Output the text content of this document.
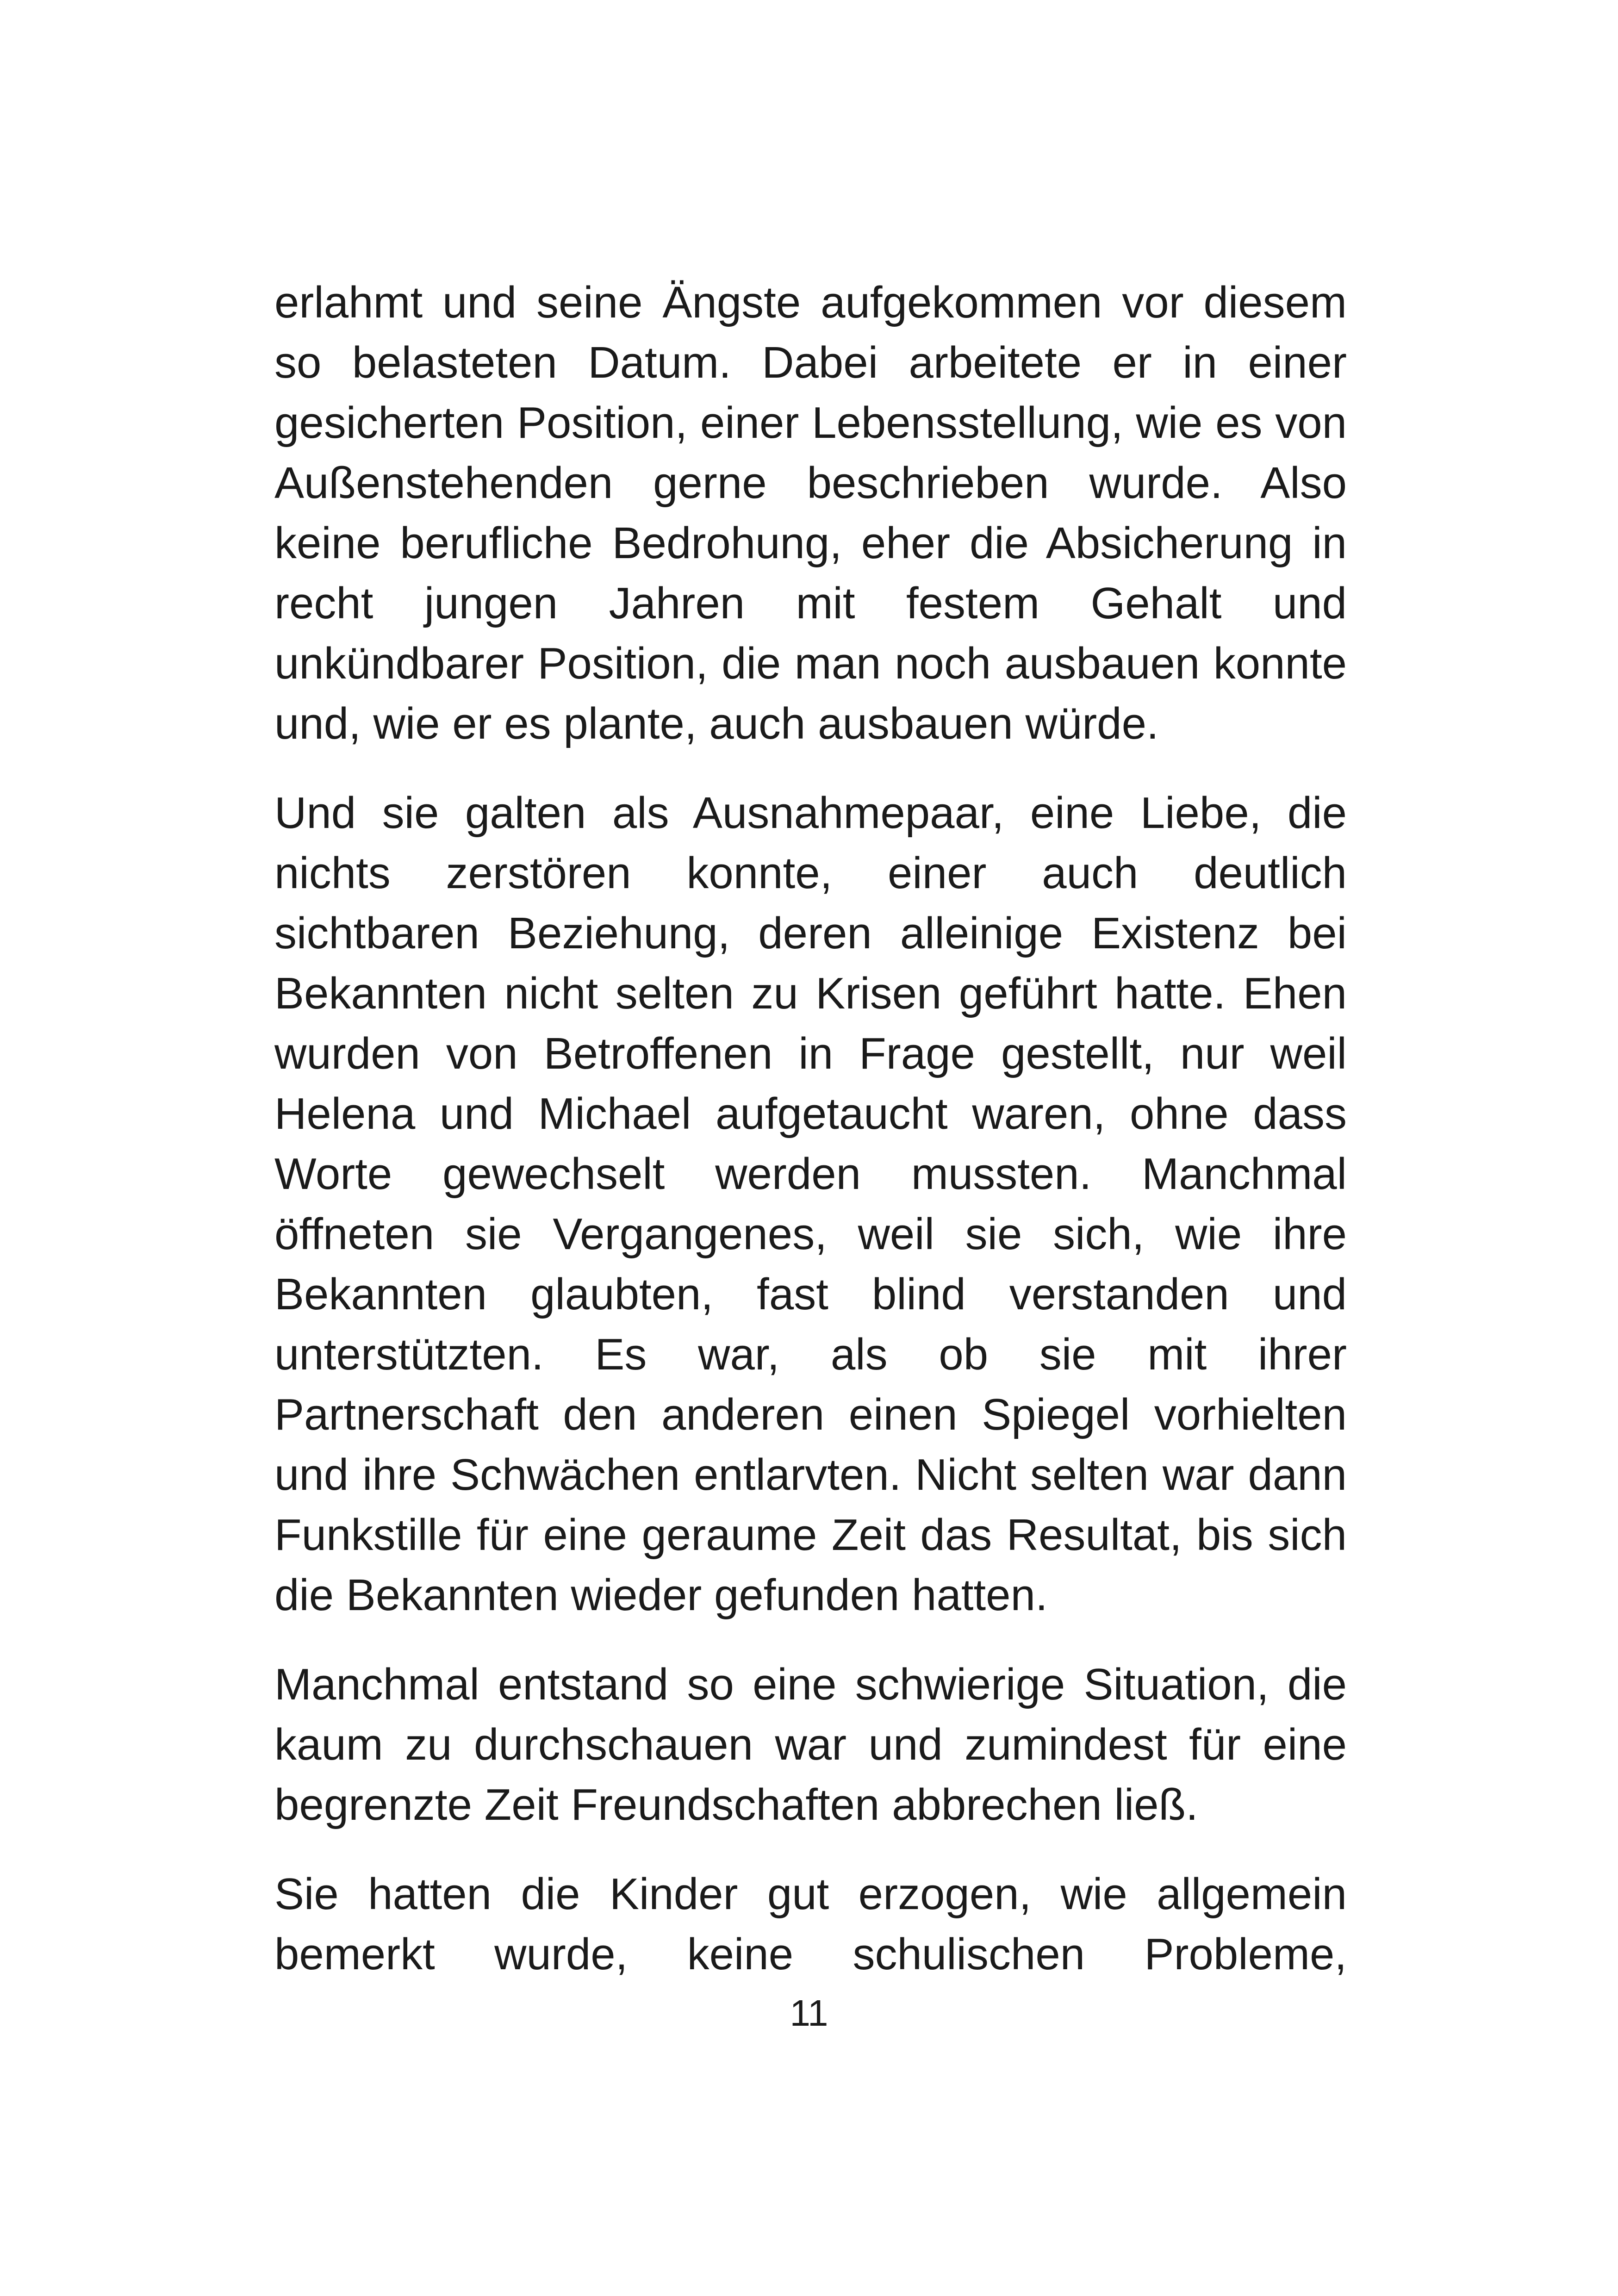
erlahmt und seine Ängste aufgekommen vor diesem so belasteten Datum. Dabei arbeitete er in einer gesicherten Position, einer Lebensstellung, wie es von Außenstehenden gerne beschrieben wurde. Also keine berufliche Bedrohung, eher die Absicherung in recht jungen Jahren mit festem Gehalt und unkündbarer Position, die man noch ausbauen konnte und, wie er es plante, auch ausbauen würde.

Und sie galten als Ausnahmepaar, eine Liebe, die nichts zerstören konnte, einer auch deutlich sichtbaren Beziehung, deren alleinige Existenz bei Bekannten nicht selten zu Krisen geführt hatte. Ehen wurden von Betroffenen in Frage gestellt, nur weil Helena und Michael aufgetaucht waren, ohne dass Worte gewechselt werden mussten. Manchmal öffneten sie Vergangenes, weil sie sich, wie ihre Bekannten glaubten, fast blind verstanden und unterstützten. Es war, als ob sie mit ihrer Partnerschaft den anderen einen Spiegel vorhielten und ihre Schwächen entlarvten. Nicht selten war dann Funkstille für eine geraume Zeit das Resultat, bis sich die Bekannten wieder gefunden hatten.

Manchmal entstand so eine schwierige Situation, die kaum zu durchschauen war und zumindest für eine begrenzte Zeit Freundschaften abbrechen ließ.

Sie hatten die Kinder gut erzogen, wie allgemein bemerkt wurde, keine schulischen Probleme,

11
